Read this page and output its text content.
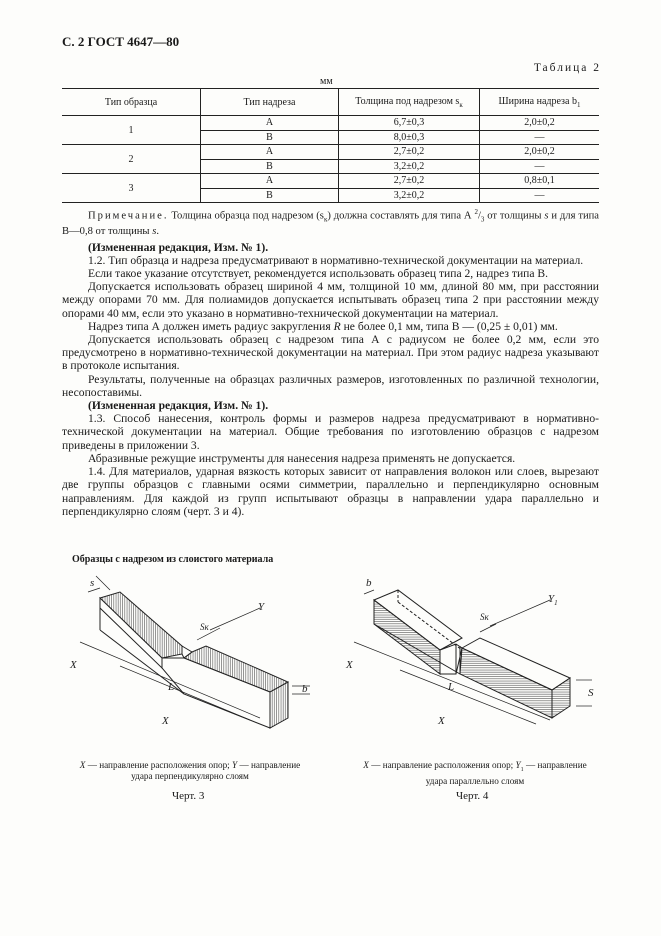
С. 2 ГОСТ 4647—80
Таблица 2
мм
Тип образца	Тип надреза	Толщина под надрезом $s_к$	Ширина надреза $b_1$
1	А	6,7±0,3	2,0±0,2
	В	8,0±0,3	—
2	А	2,7±0,2	2,0±0,2
	В	3,2±0,2	—
3	А	2,7±0,2	0,8±0,1
	В	3,2±0,2	—

Примечание. Толщина образца под надрезом $(s_к)$ должна составлять для типа А $^2/_3$ от толщины s и для типа В—0,8 от толщины s.

(Измененная редакция, Изм. № 1).

1.2. Тип образца и надреза предусматривают в нормативно-технической документации на материал.

Если такое указание отсутствует, рекомендуется использовать образец типа 2, надрез типа В.

Допускается использовать образец шириной 4 мм, толщиной 10 мм, длиной 80 мм, при расстоянии между опорами 70 мм. Для полиамидов допускается испытывать образец типа 2 при расстоянии между опорами 40 мм, если это указано в нормативно-технической документации на материал.

Надрез типа А должен иметь радиус закругления R не более 0,1 мм, типа В — (0,25 ± 0,01) мм.

Допускается использовать образец с надрезом типа А с радиусом не более 0,2 мм, если это предусмотрено в нормативно-технической документации на материал. При этом радиус надреза указывают в протоколе испытания.

Результаты, полученные на образцах различных размеров, изготовленных по различной технологии, несопоставимы.

(Измененная редакция, Изм. № 1).

1.3. Способ нанесения, контроль формы и размеров надреза предусматривают в нормативно-технической документации на материал. Общие требования по изготовлению образцов с надрезом приведены в приложении 3.

Абразивные режущие инструменты для нанесения надреза применять не допускается.

1.4. Для материалов, ударная вязкость которых зависит от направления волокон или слоев, вырезают две группы образцов с главными осями симметрии, параллельно и перпендикулярно основным направлениям. Для каждой из групп испытывают образцы в направлении удара параллельно и перпендикулярно слоям (черт. 3 и 4).

Образцы с надрезом из слоистого материала
s
Sк
Y
X
L
X
b
b
Sк
$Y_1$
X
L
X
S
X — направление расположения опор; Y — направление
удара перпендикулярно слоям
Черт. 3
X — направление расположения опор; $Y_1$ — направление
удара параллельно слоям
Черт. 4
